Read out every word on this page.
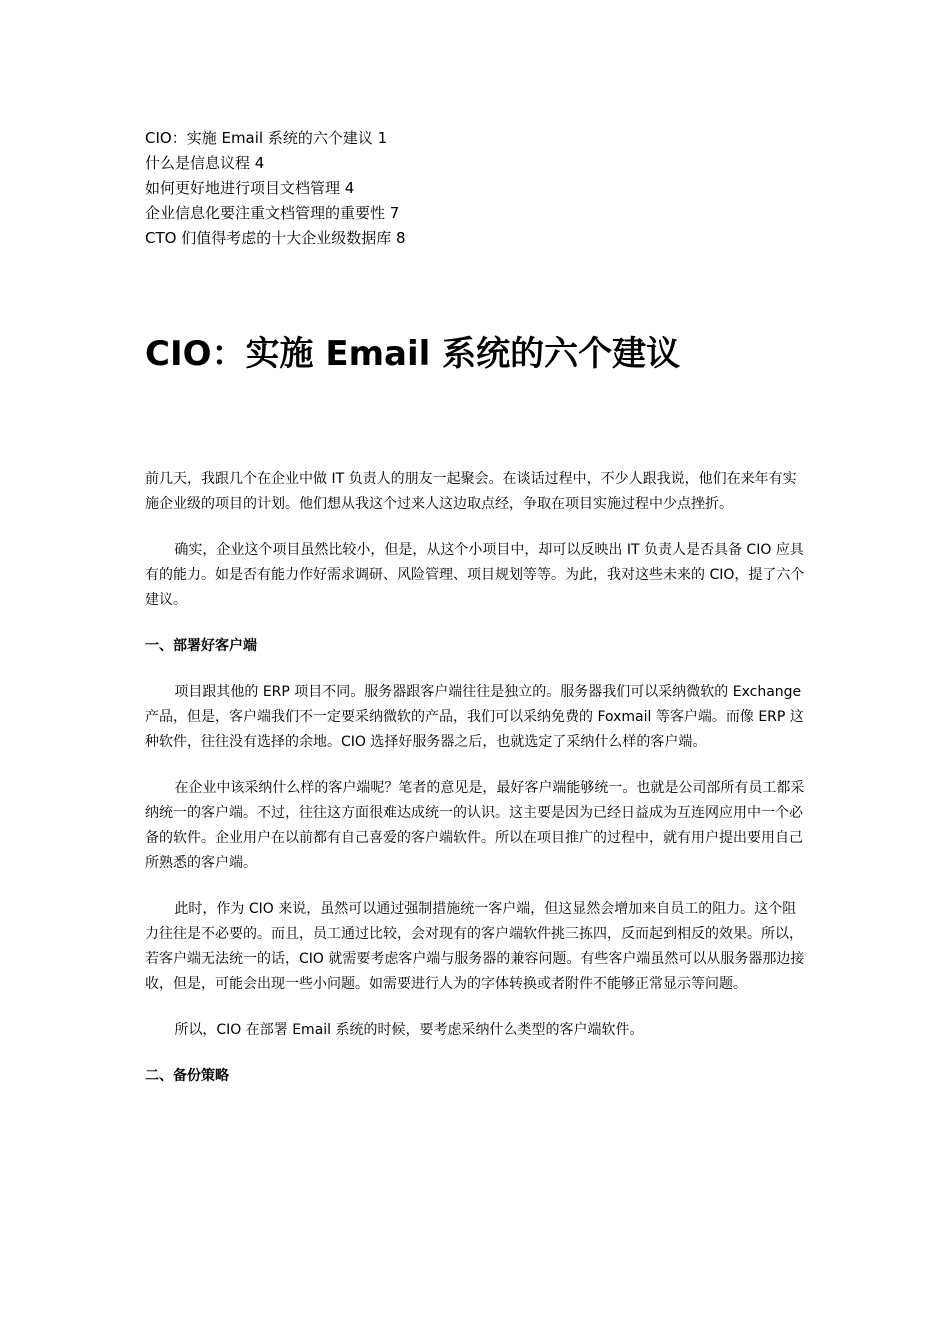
CIO：实施 Email 系统的六个建议 1
什么是信息议程 4
如何更好地进行项目文档管理 4
企业信息化要注重文档管理的重要性 7
CTO 们值得考虑的十大企业级数据库 8
CIO：实施 Email 系统的六个建议

前几天，我跟几个在企业中做 IT 负责人的朋友一起聚会。在谈话过程中，不少人跟我说，他们在来年有实施企业级的项目的计划。他们想从我这个过来人这边取点经，争取在项目实施过程中少点挫折。

确实，企业这个项目虽然比较小，但是，从这个小项目中，却可以反映出 IT 负责人是否具备 CIO 应具有的能力。如是否有能力作好需求调研、风险管理、项目规划等等。为此，我对这些未来的 CIO，提了六个建议。

一、部署好客户端

项目跟其他的 ERP 项目不同。服务器跟客户端往往是独立的。服务器我们可以采纳微软的 Exchange 产品，但是，客户端我们不一定要采纳微软的产品，我们可以采纳免费的 Foxmail 等客户端。而像 ERP 这种软件，往往没有选择的余地。CIO 选择好服务器之后，也就选定了采纳什么样的客户端。

在企业中该采纳什么样的客户端呢？笔者的意见是，最好客户端能够统一。也就是公司部所有员工都采纳统一的客户端。不过，往往这方面很难达成统一的认识。这主要是因为已经日益成为互连网应用中一个必备的软件。企业用户在以前都有自己喜爱的客户端软件。所以在项目推广的过程中，就有用户提出要用自己所熟悉的客户端。

此时，作为 CIO 来说，虽然可以通过强制措施统一客户端，但这显然会增加来自员工的阻力。这个阻力往往是不必要的。而且，员工通过比较，会对现有的客户端软件挑三拣四，反而起到相反的效果。所以，若客户端无法统一的话，CIO 就需要考虑客户端与服务器的兼容问题。有些客户端虽然可以从服务器那边接收，但是，可能会出现一些小问题。如需要进行人为的字体转换或者附件不能够正常显示等问题。

所以，CIO 在部署 Email 系统的时候，要考虑采纳什么类型的客户端软件。

二、备份策略
